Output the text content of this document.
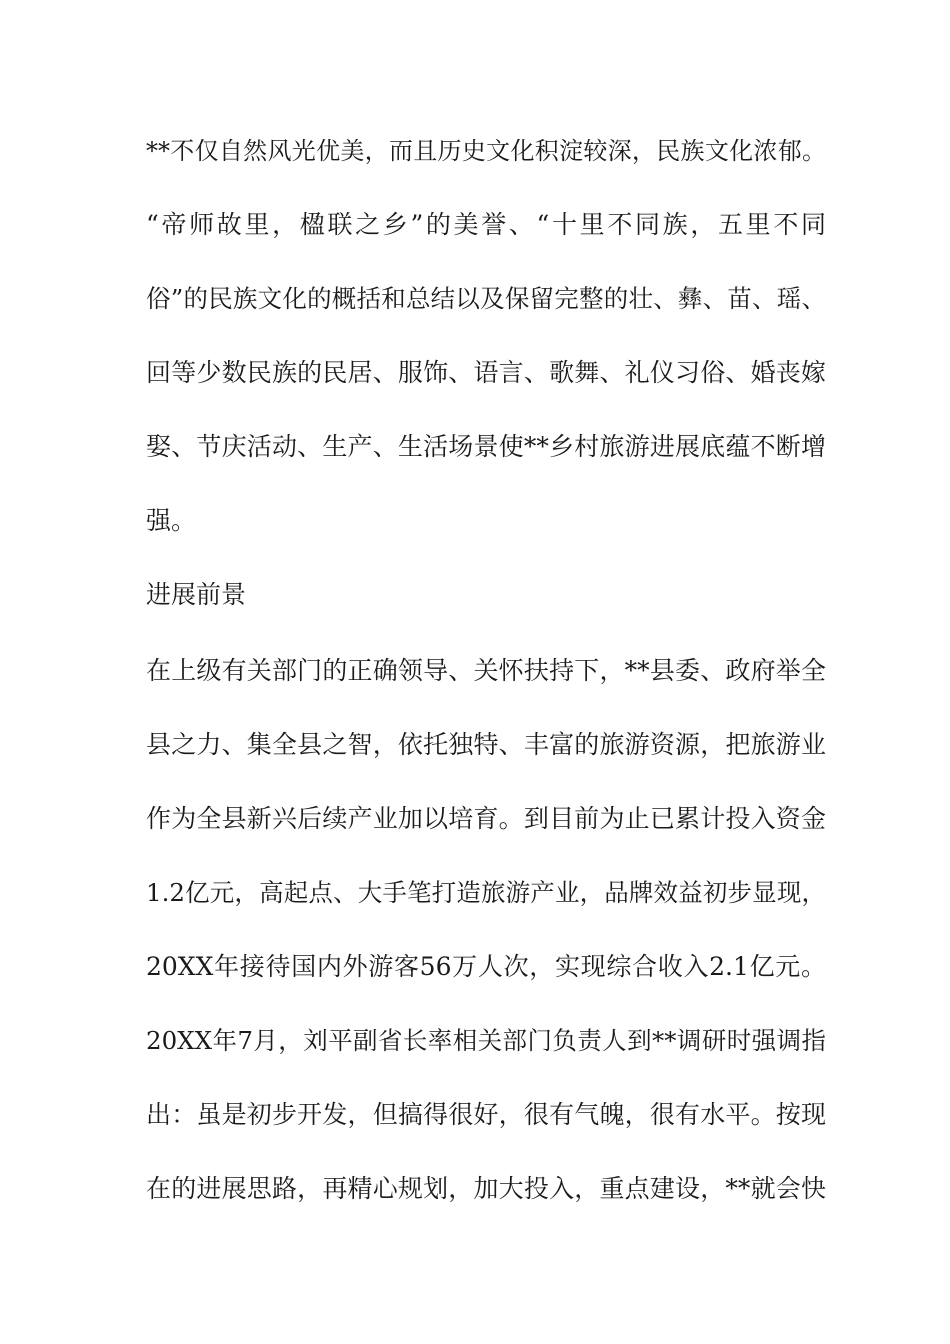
**不仅自然风光优美，而且历史文化积淀较深，民族文化浓郁。
“帝师故里，楹联之乡”的美誉、“十里不同族，五里不同
俗”的民族文化的概括和总结以及保留完整的壮、彝、苗、瑶、
回等少数民族的民居、服饰、语言、歌舞、礼仪习俗、婚丧嫁
娶、节庆活动、生产、生活场景使**乡村旅游进展底蕴不断增
强。
进展前景
在上级有关部门的正确领导、关怀扶持下，**县委、政府举全
县之力、集全县之智，依托独特、丰富的旅游资源，把旅游业
作为全县新兴后续产业加以培育。到目前为止已累计投入资金
1.2亿元，高起点、大手笔打造旅游产业，品牌效益初步显现，
20XX年接待国内外游客56万人次，实现综合收入2.1亿元。
20XX年7月，刘平副省长率相关部门负责人到**调研时强调指
出：虽是初步开发，但搞得很好，很有气魄，很有水平。按现
在的进展思路，再精心规划，加大投入，重点建设，**就会快
